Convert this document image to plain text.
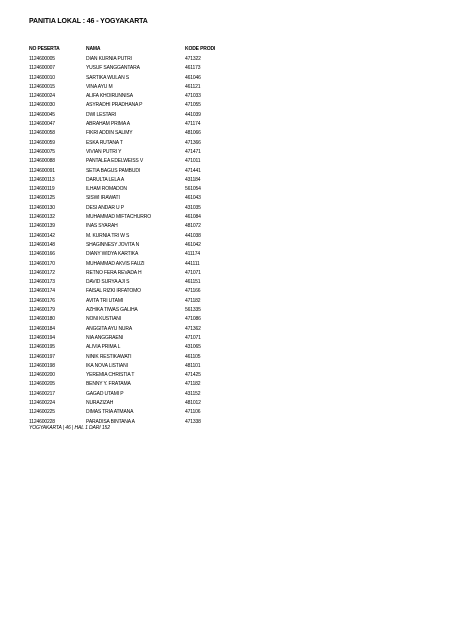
PANITIA LOKAL : 46 - YOGYAKARTA
NO PESERTA	NAMA	KODE PRODI
1124600005	DIAN KURNIA PUTRI	471322
1124600007	YUSUF SANGGANTARA	461173
1124600010	SARTIKA WULAN S	461046
1124600015	VINA AYU M	461121
1124600024	ALIFA KHOIRUNNISA	471033
1124600030	ASYRADHI PRADHANA P	471055
1124600045	DWI LESTARI	441039
1124600047	ABRAHAM PRIMA A	471174
1124600058	FIKRI ADDIN SALIMY	481066
1124600059	ESKA RUTANA T	471366
1124600075	VIVIAN PUTRI Y	471471
1124600088	PANTALEA EDELWEISS V	471011
1124600091	SETIA BAGUS PAMBUDI	471441
1124600113	DARULTA LELA A	431184
1124600119	ILHAM ROMADON	561054
1124600125	SISWI IRAWATI	461043
1124600130	DESI ANDAR U P	431035
1124600132	MUHAMMAD MIFTACHURRO	461084
1124600139	INAS SYARAH	481072
1124600142	M. KURNIA TRI W S	441038
1124600148	SHAGINNESY JOVITA N	461042
1124600166	DIANY WIDYA KARTIKA	411174
1124600170	MUHAMMAD AKVIS FAUZI	441111
1124600172	RETNO FERA REVADA H	471071
1124600173	DAVID SURYA AJI S	461151
1124600174	FAISAL RIZKI IRFATOMO	471166
1124600176	AVITA TRI UTAMI	471182
1124600179	AZHIKA TIWAS GALIHA	561335
1124600180	NONI KUSTIANI	471086
1124600184	ANGGITA AYU NURA	471362
1124600194	NIA ANGGRAENI	471071
1124600195	ALIVIA PRIMA L	431065
1124600197	NINIK RESTIKAWATI	461105
1124600198	IKA NOVA LISTIANI	481101
1124600200	YEREMIA CHRISTIA T	471425
1124600205	BENNY Y. FRATAMA	471182
1124600217	GAGAD UTAMI P	431152
1124600224	NURAZIZAH	481012
1124600225	DIMAS TRIA ATMANA	471106
1124600228	PARADISA BINTANA A	471338
YOGYAKARTA | 46 | HAL 1 DARI 152
